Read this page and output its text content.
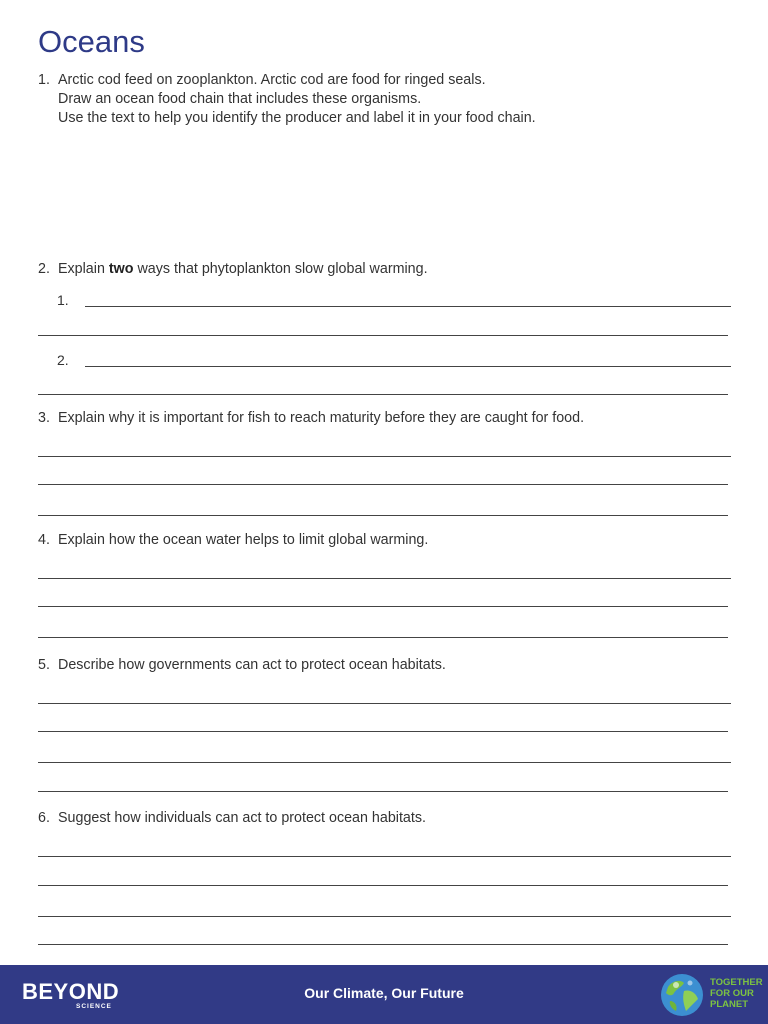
Oceans
1. Arctic cod feed on zooplankton. Arctic cod are food for ringed seals.
Draw an ocean food chain that includes these organisms.
Use the text to help you identify the producer and label it in your food chain.
2. Explain two ways that phytoplankton slow global warming.
1.
2.
3. Explain why it is important for fish to reach maturity before they are caught for food.
4. Explain how the ocean water helps to limit global warming.
5. Describe how governments can act to protect ocean habitats.
6. Suggest how individuals can act to protect ocean habitats.
BEYOND
SCIENCE
Our Climate, Our Future
TOGETHER
FOR OUR
PLANET
